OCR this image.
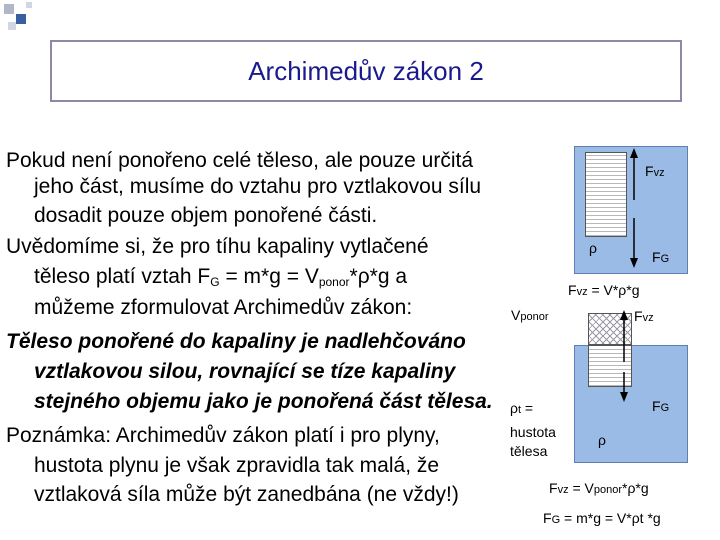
Archimedův zákon 2
Pokud není ponořeno celé těleso, ale pouze určitá
jeho část, musíme do vztahu pro vztlakovou sílu
dosadit pouze objem ponořené části.
Uvědomíme si, že pro tíhu kapaliny vytlačené
těleso platí vztah $F_G = m*g = V_{ponor}*\rho*g$ a
můžeme zformulovat Archimedův zákon:
Těleso ponořené do kapaliny je nadlehčováno
vztlakovou silou, rovnající se tíze kapaliny
stejného objemu jako je ponořená část tělesa.
Poznámka: Archimedův zákon platí i pro plyny,
hustota plynu je však zpravidla tak malá, že
vztlaková síla může být zanedbána (ne vždy!)
Fvz
ρ
FG
Fvz = V*ρ*g
Vponor	Fvz
FG
ρ
ρt =
hustota
tělesa
Fvz = Vponor*ρ*g
FG = m*g = V*ρt *g
